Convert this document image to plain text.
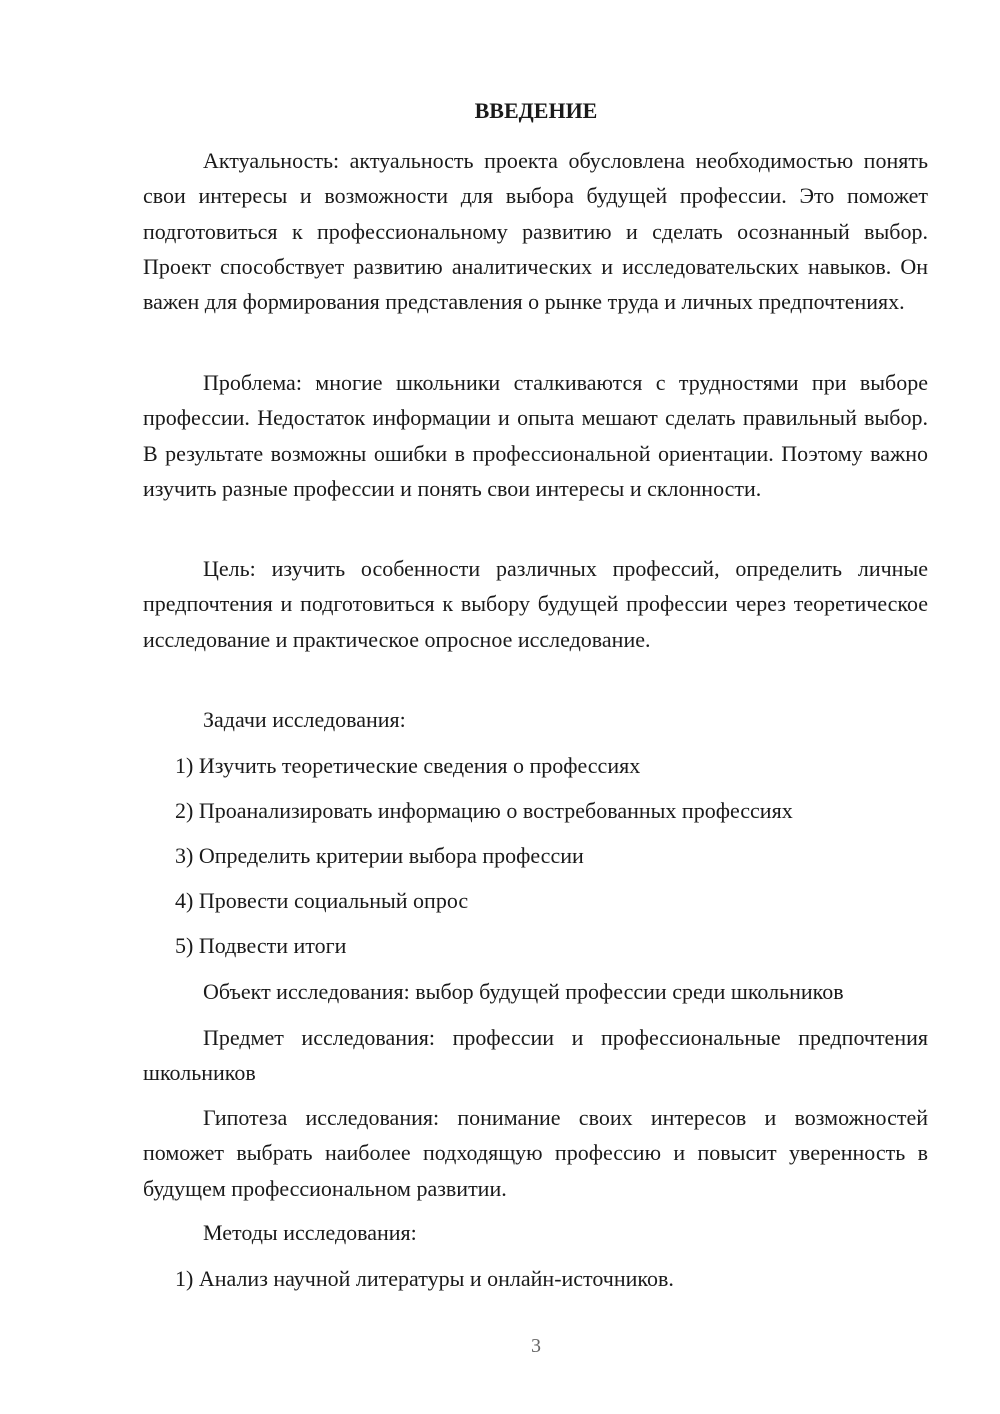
ВВЕДЕНИЕ

Актуальность: актуальность проекта обусловлена необходимостью понять свои интересы и возможности для выбора будущей профессии. Это поможет подготовиться к профессиональному развитию и сделать осознанный выбор. Проект способствует развитию аналитических и исследовательских навыков. Он важен для формирования представления о рынке труда и личных предпочтениях.

Проблема: многие школьники сталкиваются с трудностями при выборе профессии. Недостаток информации и опыта мешают сделать правильный выбор. В результате возможны ошибки в профессиональной ориентации. Поэтому важно изучить разные профессии и понять свои интересы и склонности.

Цель: изучить особенности различных профессий, определить личные предпочтения и подготовиться к выбору будущей профессии через теоретическое исследование и практическое опросное исследование.

Задачи исследования:
1) Изучить теоретические сведения о профессиях
2) Проанализировать информацию о востребованных профессиях
3) Определить критерии выбора профессии
4) Провести социальный опрос
5) Подвести итоги
Объект исследования: выбор будущей профессии среди школьников

Предмет исследования: профессии и профессиональные предпочтения школьников

Гипотеза исследования: понимание своих интересов и возможностей поможет выбрать наиболее подходящую профессию и повысит уверенность в будущем профессиональном развитии.

Методы исследования:
1) Анализ научной литературы и онлайн-источников.
3
